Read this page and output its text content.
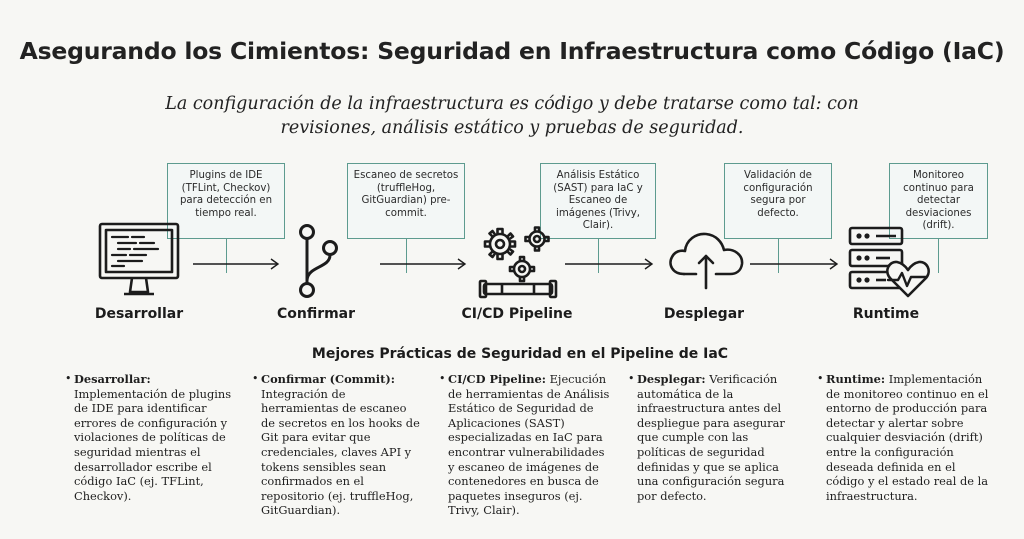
Asegurando los Cimientos: Seguridad en Infraestructura como Código (IaC)
La configuración de la infraestructura es código y debe tratarse como tal: con revisiones, análisis estático y pruebas de seguridad.
Plugins de IDE (TFLint, Checkov) para detección en tiempo real.
Escaneo de secretos (truffleHog, GitGuardian) pre-commit.
Análisis Estático (SAST) para IaC y Escaneo de imágenes (Trivy, Clair).
Validación de configuración segura por defecto.
Monitoreo continuo para detectar desviaciones (drift).
Desarrollar	Confirmar	CI/CD Pipeline	Desplegar	Runtime
Mejores Prácticas de Seguridad en el Pipeline de IaC
• Desarrollar: Implementación de plugins de IDE para identificar errores de configuración y violaciones de políticas de seguridad mientras el desarrollador escribe el código IaC (ej. TFLint, Checkov).
• Confirmar (Commit): Integración de herramientas de escaneo de secretos en los hooks de Git para evitar que credenciales, claves API y tokens sensibles sean confirmados en el repositorio (ej. truffleHog, GitGuardian).
• CI/CD Pipeline: Ejecución de herramientas de Análisis Estático de Seguridad de Aplicaciones (SAST) especializadas en IaC para encontrar vulnerabilidades y escaneo de imágenes de contenedores en busca de paquetes inseguros (ej. Trivy, Clair).
• Desplegar: Verificación automática de la infraestructura antes del despliegue para asegurar que cumple con las políticas de seguridad definidas y que se aplica una configuración segura por defecto.
• Runtime: Implementación de monitoreo continuo en el entorno de producción para detectar y alertar sobre cualquier desviación (drift) entre la configuración deseada definida en el código y el estado real de la infraestructura.
